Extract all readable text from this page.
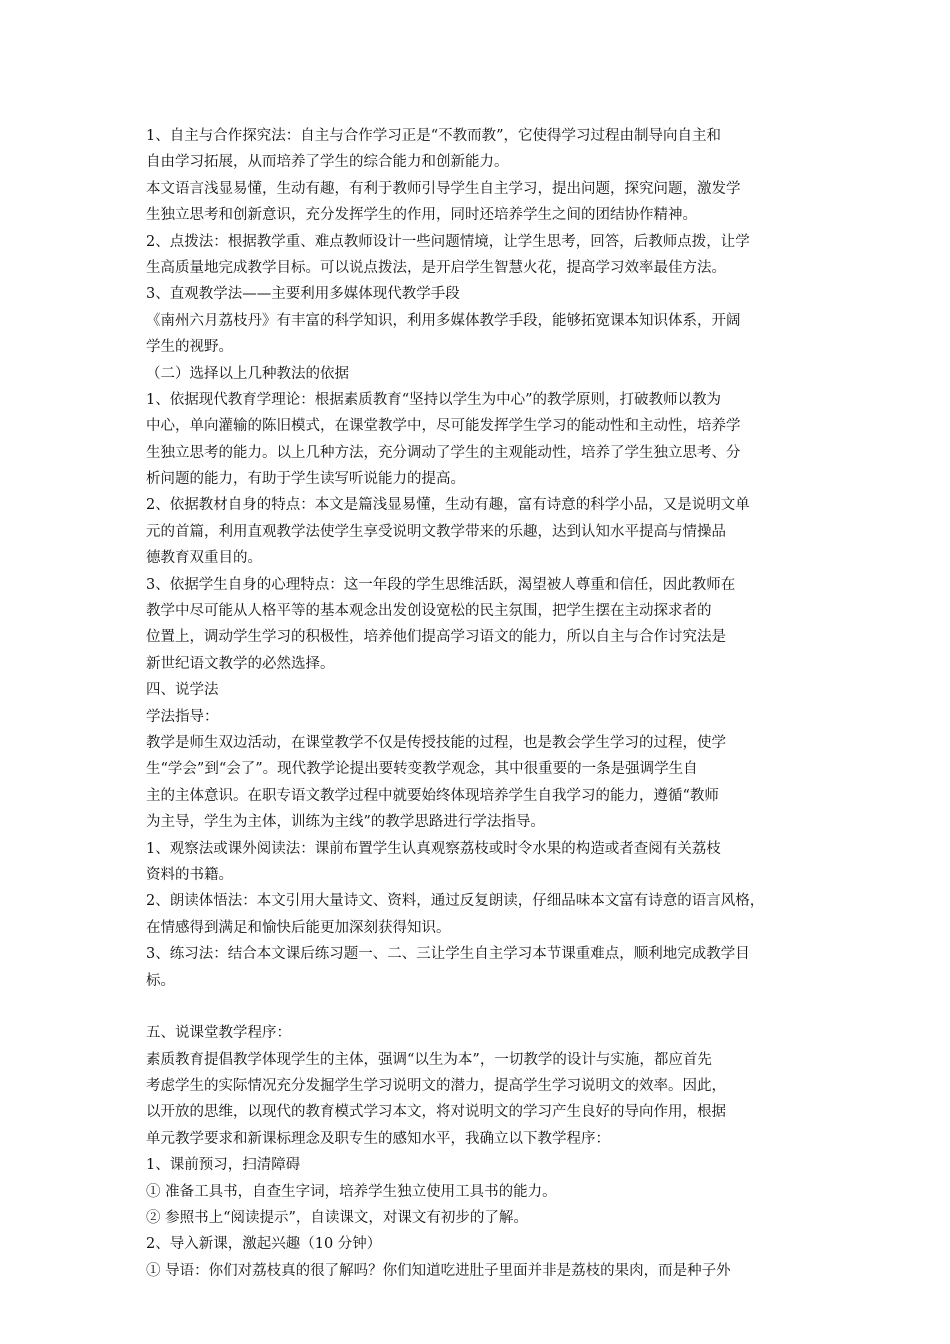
1、自主与合作探究法：自主与合作学习正是“不教而教”，它使得学习过程由制导向自主和
自由学习拓展，从而培养了学生的综合能力和创新能力。
本文语言浅显易懂，生动有趣，有利于教师引导学生自主学习，提出问题，探究问题，激发学
生独立思考和创新意识，充分发挥学生的作用，同时还培养学生之间的团结协作精神。
2、点拨法：根据教学重、难点教师设计一些问题情境，让学生思考，回答，后教师点拨，让学
生高质量地完成教学目标。可以说点拨法，是开启学生智慧火花，提高学习效率最佳方法。
3、直观教学法——主要利用多媒体现代教学手段
《南州六月荔枝丹》有丰富的科学知识，利用多媒体教学手段，能够拓宽课本知识体系，开阔
学生的视野。
（二）选择以上几种教法的依据
1、依据现代教育学理论：根据素质教育“坚持以学生为中心”的教学原则，打破教师以教为
中心，单向灌输的陈旧模式，在课堂教学中，尽可能发挥学生学习的能动性和主动性，培养学
生独立思考的能力。以上几种方法，充分调动了学生的主观能动性，培养了学生独立思考、分
析问题的能力，有助于学生读写听说能力的提高。
2、依据教材自身的特点：本文是篇浅显易懂，生动有趣，富有诗意的科学小品，又是说明文单
元的首篇，利用直观教学法使学生享受说明文教学带来的乐趣，达到认知水平提高与情操品
德教育双重目的。
3、依据学生自身的心理特点：这一年段的学生思维活跃，渴望被人尊重和信任，因此教师在
教学中尽可能从人格平等的基本观念出发创设宽松的民主氛围，把学生摆在主动探求者的
位置上，调动学生学习的积极性，培养他们提高学习语文的能力，所以自主与合作讨究法是
新世纪语文教学的必然选择。
四、说学法
学法指导：
教学是师生双边活动，在课堂教学不仅是传授技能的过程，也是教会学生学习的过程，使学
生“学会”到“会了”。现代教学论提出要转变教学观念，其中很重要的一条是强调学生自
主的主体意识。在职专语文教学过程中就要始终体现培养学生自我学习的能力，遵循“教师
为主导，学生为主体，训练为主线”的教学思路进行学法指导。
1、观察法或课外阅读法：课前布置学生认真观察荔枝或时令水果的构造或者查阅有关荔枝
资料的书籍。
2、朗读体悟法：本文引用大量诗文、资料，通过反复朗读，仔细品味本文富有诗意的语言风格，
在情感得到满足和愉快后能更加深刻获得知识。
3、练习法：结合本文课后练习题一、二、三让学生自主学习本节课重难点，顺利地完成教学目
标。
五、说课堂教学程序：
素质教育提倡教学体现学生的主体，强调“以生为本”，一切教学的设计与实施，都应首先
考虑学生的实际情况充分发掘学生学习说明文的潜力，提高学生学习说明文的效率。因此，
以开放的思维，以现代的教育模式学习本文，将对说明文的学习产生良好的导向作用，根据
单元教学要求和新课标理念及职专生的感知水平，我确立以下教学程序：
1、课前预习，扫清障碍
① 准备工具书，自查生字词，培养学生独立使用工具书的能力。
② 参照书上“阅读提示”，自读课文，对课文有初步的了解。
2、导入新课，激起兴趣（10 分钟）
① 导语：你们对荔枝真的很了解吗？你们知道吃进肚子里面并非是荔枝的果肉，而是种子外
